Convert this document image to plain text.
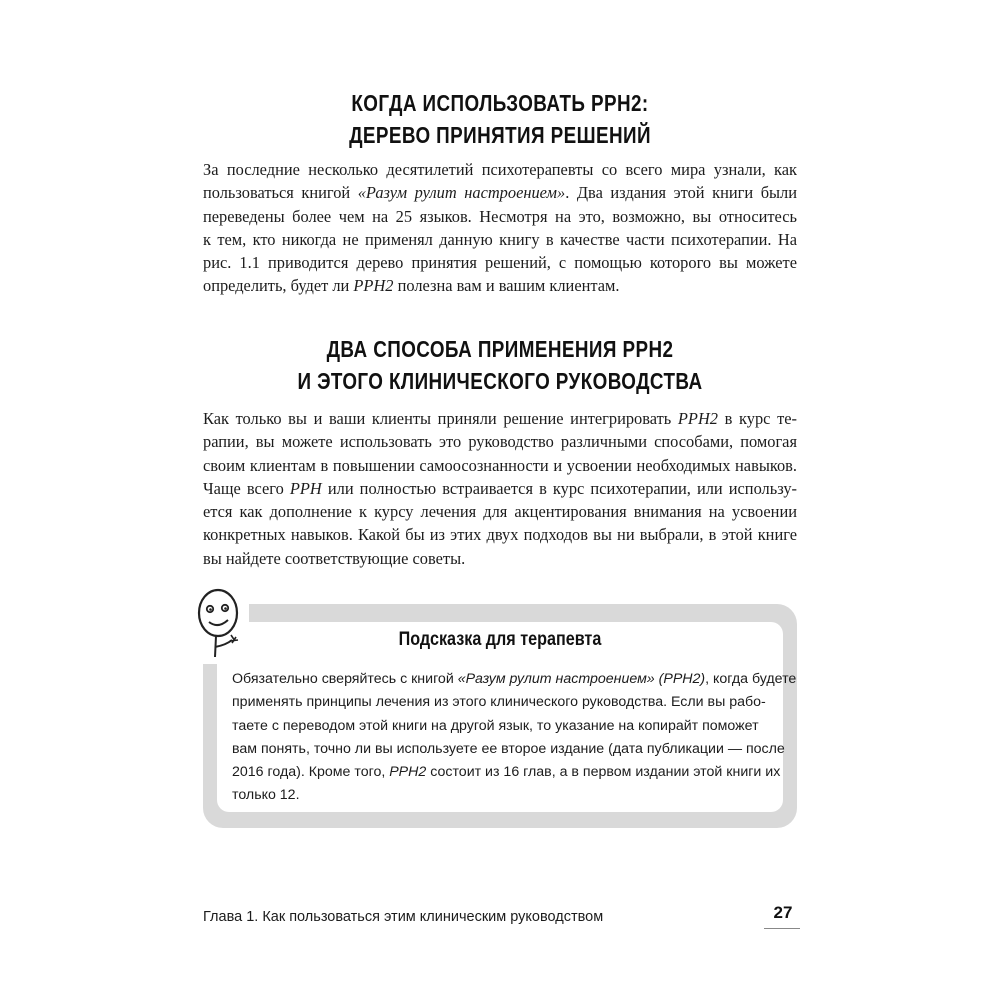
КОГДА ИСПОЛЬЗОВАТЬ РРН2:
ДЕРЕВО ПРИНЯТИЯ РЕШЕНИЙ

За последние несколько десятилетий психотерапевты со всего мира узнали, как
пользоваться книгой «Разум рулит настроением». Два издания этой книги были
переведены более чем на 25 языков. Несмотря на это, возможно, вы относитесь
к тем, кто никогда не применял данную книгу в качестве части психотерапии. На
рис. 1.1 приводится дерево принятия решений, с помощью которого вы можете
определить, будет ли РРН2 полезна вам и вашим клиентам.

ДВА СПОСОБА ПРИМЕНЕНИЯ РРН2
И ЭТОГО КЛИНИЧЕСКОГО РУКОВОДСТВА

Как только вы и ваши клиенты приняли решение интегрировать РРН2 в курс те-
рапии, вы можете использовать это руководство различными способами, помогая
своим клиентам в повышении самоосознанности и усвоении необходимых навыков.
Чаще всего РРН или полностью встраивается в курс психотерапии, или использу-
ется как дополнение к курсу лечения для акцентирования внимания на усвоении
конкретных навыков. Какой бы из этих двух подходов вы ни выбрали, в этой книге
вы найдете соответствующие советы.

Подсказка для терапевта

Обязательно сверяйтесь с книгой «Разум рулит настроением» (РРН2), когда будете
применять принципы лечения из этого клинического руководства. Если вы рабо-
таете с переводом этой книги на другой язык, то указание на копирайт поможет
вам понять, точно ли вы используете ее второе издание (дата публикации — после
2016 года). Кроме того, РРН2 состоит из 16 глав, а в первом издании этой книги их
только 12.

Глава 1. Как пользоваться этим клиническим руководством	27
